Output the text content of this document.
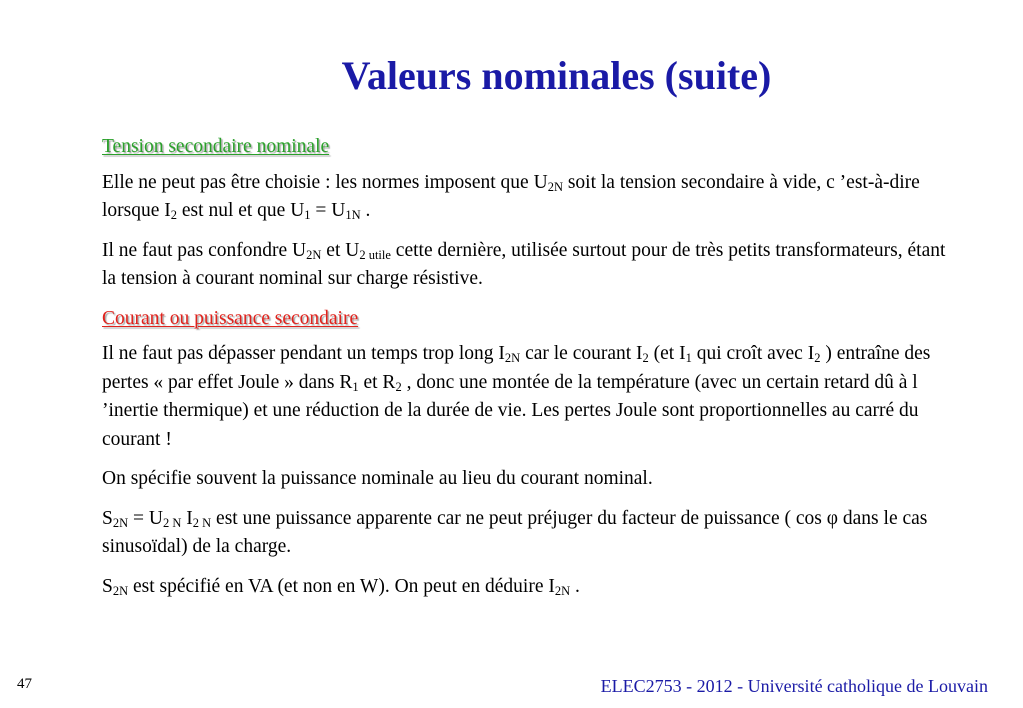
Valeurs nominales (suite)
Tension secondaire nominale

Elle ne peut pas être choisie : les normes imposent que $U_{2N}$ soit la tension secondaire à vide, c ’est-à-dire lorsque $I_2$ est nul et que $U_1 = U_{1N}$ .

Il ne faut pas confondre $U_{2N}$ et $U_{2 utile}$ cette dernière, utilisée surtout pour de très petits transformateurs, étant la tension à courant nominal sur charge résistive.

Courant ou puissance secondaire

Il ne faut pas dépasser pendant un temps trop long $I_{2N}$ car le courant $I_2$ (et $I_1$ qui croît avec $I_2$ ) entraîne des pertes « par effet Joule » dans $R_1$ et $R_2$ , donc une montée de la température (avec un certain retard dû à l ’inertie thermique) et une réduction de la durée de vie. Les pertes Joule sont proportionnelles au carré du courant !

On spécifie souvent la puissance nominale au lieu du courant nominal.

$S_{2N} = U_{2 N}$ $I_{2 N}$ est une puissance apparente car ne peut préjuger du facteur de puissance ( cos φ dans le cas sinusoïdal) de la charge.

$S_{2N}$ est spécifié en VA (et non en W). On peut en déduire $I_{2N}$ .

47	ELEC2753 - 2012 - Université catholique de Louvain
